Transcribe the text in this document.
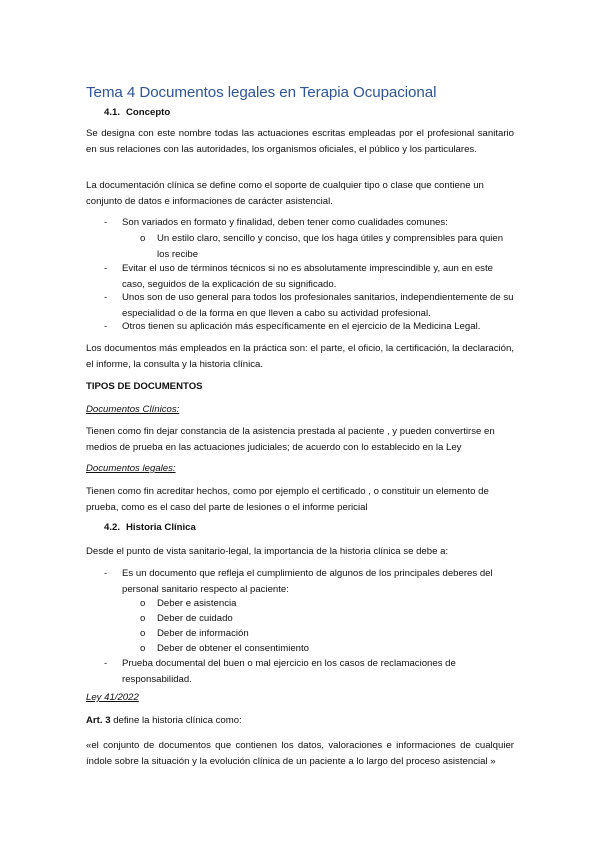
Tema 4 Documentos legales en Terapia Ocupacional
4.1. Concepto
Se designa con este nombre todas las actuaciones escritas empleadas por el profesional sanitario en sus relaciones con las autoridades, los organismos oficiales, el público y los particulares.
La documentación clínica se define como el soporte de cualquier tipo o clase que contiene un conjunto de datos e informaciones de carácter asistencial.
- Son variados en formato y finalidad, deben tener como cualidades comunes:
o Un estilo claro, sencillo y conciso, que los haga útiles y comprensibles para quien los recibe
- Evitar el uso de términos técnicos si no es absolutamente imprescindible y, aun en este caso, seguidos de la explicación de su significado.
- Unos son de uso general para todos los profesionales sanitarios, independientemente de su especialidad o de la forma en que lleven a cabo su actividad profesional.
- Otros tienen su aplicación más específicamente en el ejercicio de la Medicina Legal.
Los documentos más empleados en la práctica son: el parte, el oficio, la certificación, la declaración, el informe, la consulta y la historia clínica.
TIPOS DE DOCUMENTOS
Documentos Clínicos:
Tienen como fin dejar constancia de la asistencia prestada al paciente , y pueden convertirse en medios de prueba en las actuaciones judiciales; de acuerdo con lo establecido en la Ley
Documentos legales:
Tienen como fin acreditar hechos, como por ejemplo el certificado , o constituir un elemento de prueba, como es el caso del parte de lesiones o el informe pericial
4.2. Historia Clínica
Desde el punto de vista sanitario-legal, la importancia de la historia clínica se debe a:
- Es un documento que refleja el cumplimiento de algunos de los principales deberes del personal sanitario respecto al paciente:
o Deber e asistencia
o Deber de cuidado
o Deber de información
o Deber de obtener el consentimiento
- Prueba documental del buen o mal ejercicio en los casos de reclamaciones de responsabilidad.
Ley 41/2022
Art. 3 define la historia clínica como:
«el conjunto de documentos que contienen los datos, valoraciones e informaciones de cualquier índole sobre la situación y la evolución clínica de un paciente a lo largo del proceso asistencial »
